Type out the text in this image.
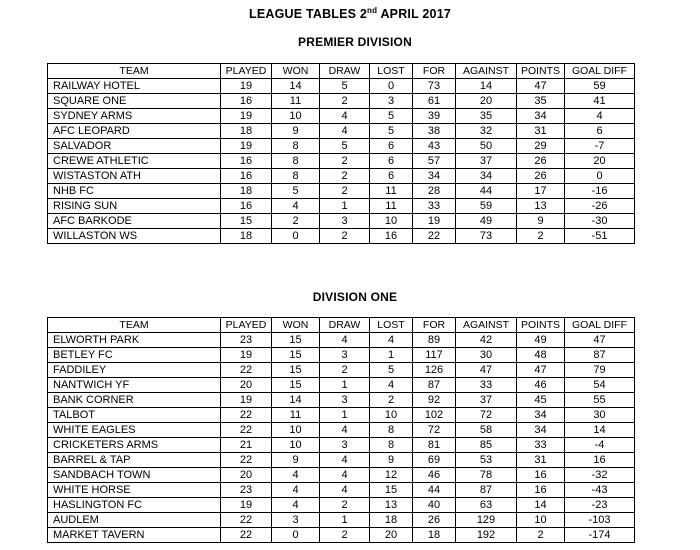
LEAGUE TABLES 2nd APRIL 2017
PREMIER DIVISION
TEAM	PLAYED	WON	DRAW	LOST	FOR	AGAINST	POINTS	GOAL DIFF
RAILWAY HOTEL	19	14	5	0	73	14	47	59
SQUARE ONE	16	11	2	3	61	20	35	41
SYDNEY ARMS	19	10	4	5	39	35	34	4
AFC LEOPARD	18	9	4	5	38	32	31	6
SALVADOR	19	8	5	6	43	50	29	-7
CREWE ATHLETIC	16	8	2	6	57	37	26	20
WISTASTON ATH	16	8	2	6	34	34	26	0
NHB FC	18	5	2	11	28	44	17	-16
RISING SUN	16	4	1	11	33	59	13	-26
AFC BARKODE	15	2	3	10	19	49	9	-30
WILLASTON WS	18	0	2	16	22	73	2	-51
DIVISION ONE
TEAM	PLAYED	WON	DRAW	LOST	FOR	AGAINST	POINTS	GOAL DIFF
ELWORTH PARK	23	15	4	4	89	42	49	47
BETLEY FC	19	15	3	1	117	30	48	87
FADDILEY	22	15	2	5	126	47	47	79
NANTWICH YF	20	15	1	4	87	33	46	54
BANK CORNER	19	14	3	2	92	37	45	55
TALBOT	22	11	1	10	102	72	34	30
WHITE EAGLES	22	10	4	8	72	58	34	14
CRICKETERS ARMS	21	10	3	8	81	85	33	-4
BARREL & TAP	22	9	4	9	69	53	31	16
SANDBACH TOWN	20	4	4	12	46	78	16	-32
WHITE HORSE	23	4	4	15	44	87	16	-43
HASLINGTON FC	19	4	2	13	40	63	14	-23
AUDLEM	22	3	1	18	26	129	10	-103
MARKET TAVERN	22	0	2	20	18	192	2	-174
